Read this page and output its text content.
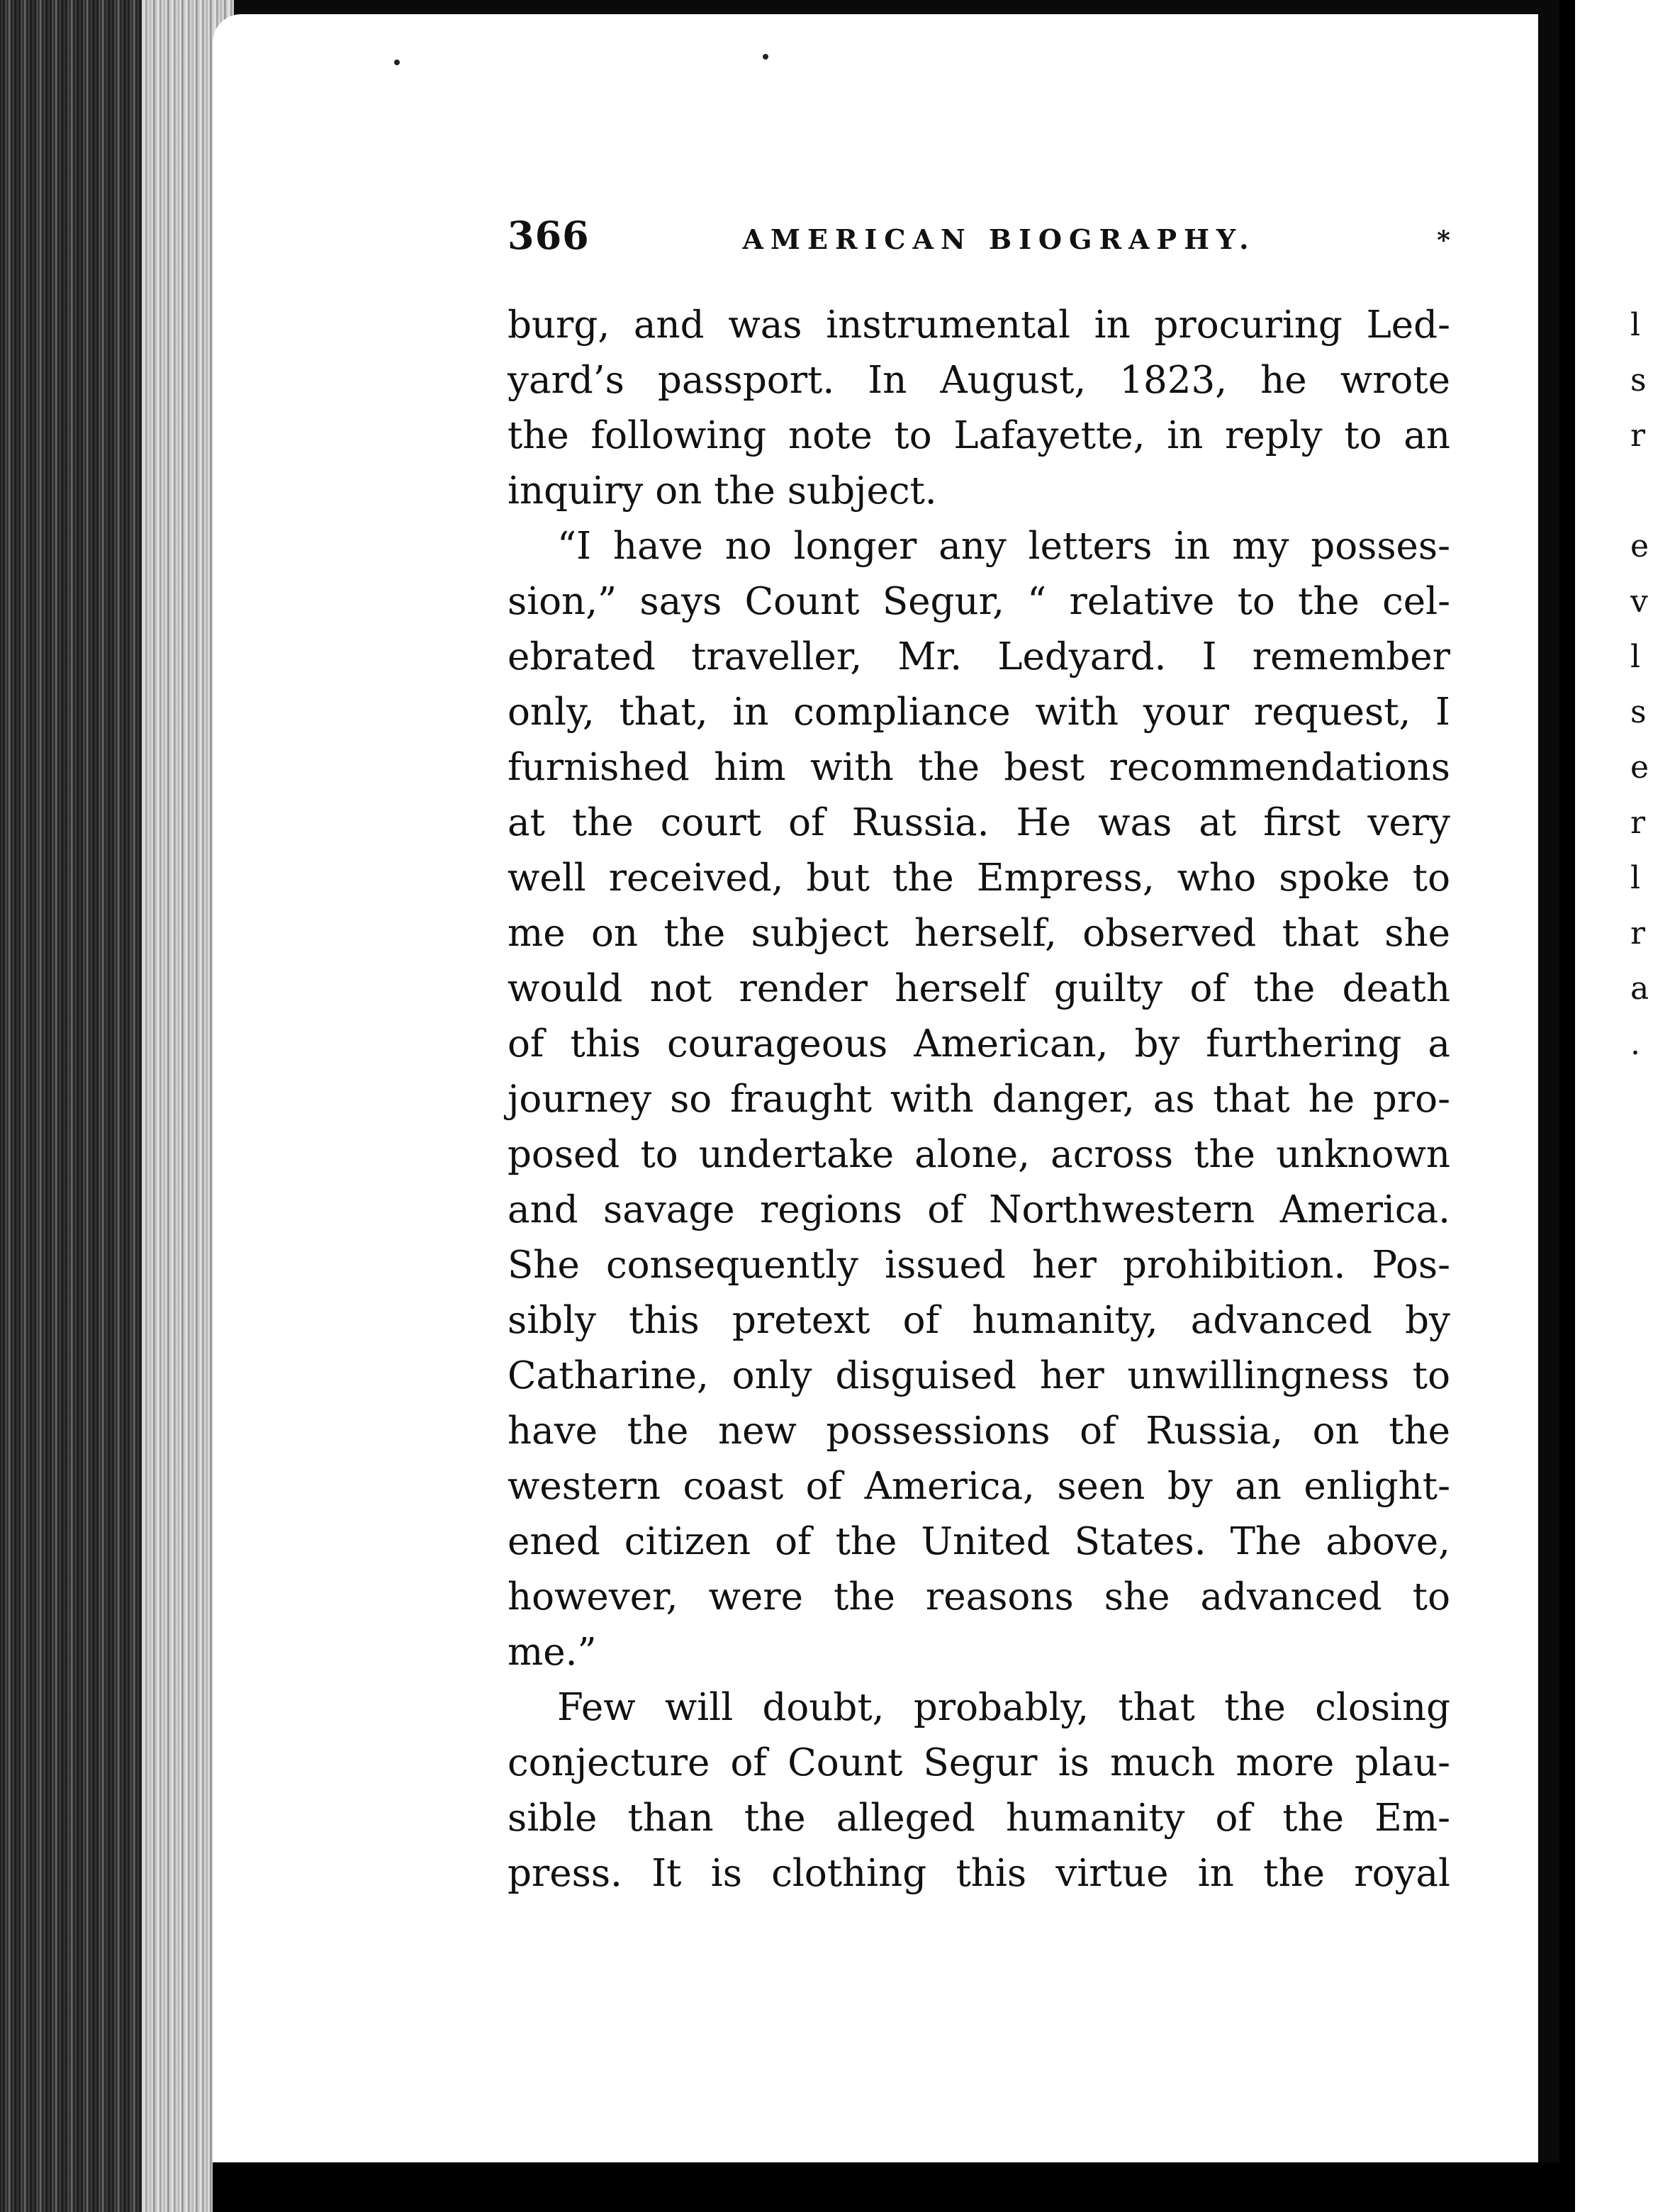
l
s
r
e
v
l
s
e
r
l
r
a
.
366	AMERICAN BIOGRAPHY.	*
burg, and was instrumental in procuring Led-
yard’s passport. In August, 1823, he wrote
the following note to Lafayette, in reply to an
inquiry on the subject.
“I have no longer any letters in my posses-
sion,” says Count Segur, “ relative to the cel-
ebrated traveller, Mr. Ledyard. I remember
only, that, in compliance with your request, I
furnished him with the best recommendations
at the court of Russia. He was at first very
well received, but the Empress, who spoke to
me on the subject herself, observed that she
would not render herself guilty of the death
of this courageous American, by furthering a
journey so fraught with danger, as that he pro-
posed to undertake alone, across the unknown
and savage regions of Northwestern America.
She consequently issued her prohibition. Pos-
sibly this pretext of humanity, advanced by
Catharine, only disguised her unwillingness to
have the new possessions of Russia, on the
western coast of America, seen by an enlight-
ened citizen of the United States. The above,
however, were the reasons she advanced to
me.”
Few will doubt, probably, that the closing
conjecture of Count Segur is much more plau-
sible than the alleged humanity of the Em-
press. It is clothing this virtue in the royal
